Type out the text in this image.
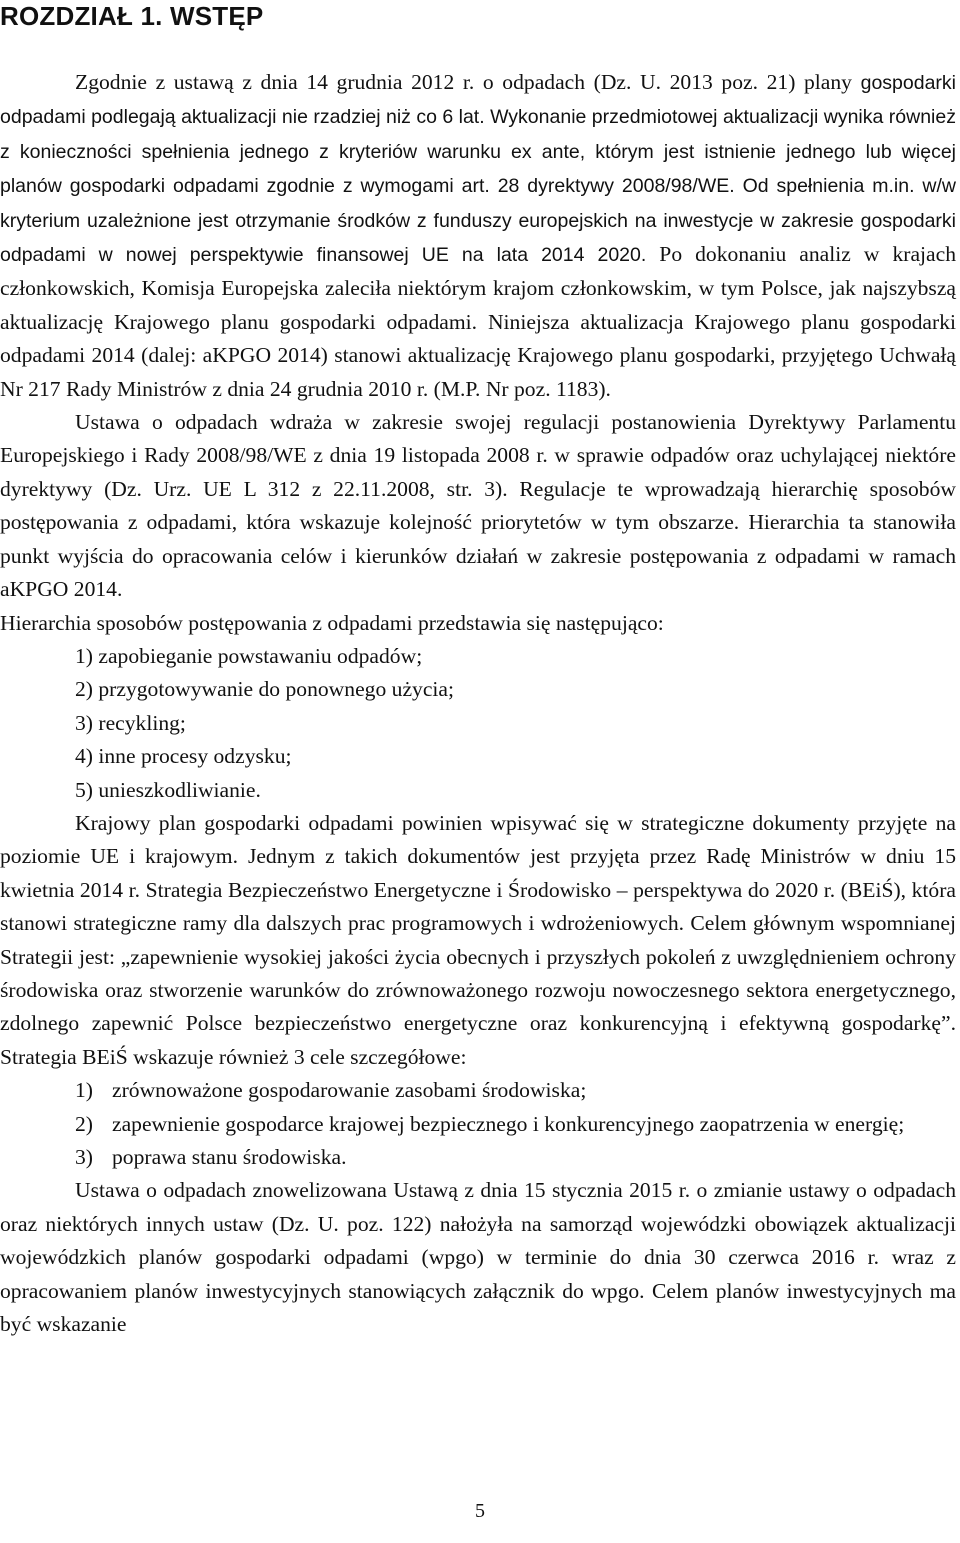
ROZDZIAŁ 1. WSTĘP

Zgodnie z ustawą z dnia 14 grudnia 2012 r. o odpadach (Dz. U. 2013 poz. 21) plany gospodarki odpadami podlegają aktualizacji nie rzadziej niż co 6 lat. Wykonanie przedmiotowej aktualizacji wynika również z konieczności spełnienia jednego z kryteriów warunku ex ante, którym jest istnienie jednego lub więcej planów gospodarki odpadami zgodnie z wymogami art. 28 dyrektywy 2008/98/WE. Od spełnienia m.in. w/w kryterium uzależnione jest otrzymanie środków z funduszy europejskich na inwestycje w zakresie gospodarki odpadami w nowej perspektywie finansowej UE na lata 2014 2020. Po dokonaniu analiz w krajach członkowskich, Komisja Europejska zaleciła niektórym krajom członkowskim, w tym Polsce, jak najszybszą aktualizację Krajowego planu gospodarki odpadami. Niniejsza aktualizacja Krajowego planu gospodarki odpadami 2014 (dalej: aKPGO 2014) stanowi aktualizację Krajowego planu gospodarki, przyjętego Uchwałą Nr 217 Rady Ministrów z dnia 24 grudnia 2010 r. (M.P. Nr poz. 1183).

Ustawa o odpadach wdraża w zakresie swojej regulacji postanowienia Dyrektywy Parlamentu Europejskiego i Rady 2008/98/WE z dnia 19 listopada 2008 r. w sprawie odpadów oraz uchylającej niektóre dyrektywy (Dz. Urz. UE L 312 z 22.11.2008, str. 3). Regulacje te wprowadzają hierarchię sposobów postępowania z odpadami, która wskazuje kolejność priorytetów w tym obszarze. Hierarchia ta stanowiła punkt wyjścia do opracowania celów i kierunków działań w zakresie postępowania z odpadami w ramach aKPGO 2014.

Hierarchia sposobów postępowania z odpadami przedstawia się następująco:

1) zapobieganie powstawaniu odpadów;
2) przygotowywanie do ponownego użycia;
3) recykling;
4) inne procesy odzysku;
5) unieszkodliwianie.

Krajowy plan gospodarki odpadami powinien wpisywać się w strategiczne dokumenty przyjęte na poziomie UE i krajowym. Jednym z takich dokumentów jest przyjęta przez Radę Ministrów w dniu 15 kwietnia 2014 r. Strategia Bezpieczeństwo Energetyczne i Środowisko – perspektywa do 2020 r. (BEiŚ), która stanowi strategiczne ramy dla dalszych prac programowych i wdrożeniowych. Celem głównym wspomnianej Strategii jest: „zapewnienie wysokiej jakości życia obecnych i przyszłych pokoleń z uwzględnieniem ochrony środowiska oraz stworzenie warunków do zrównoważonego rozwoju nowoczesnego sektora energetycznego, zdolnego zapewnić Polsce bezpieczeństwo energetyczne oraz konkurencyjną i efektywną gospodarkę”. Strategia BEiŚ wskazuje również 3 cele szczegółowe:

1) zrównoważone gospodarowanie zasobami środowiska;
2) zapewnienie gospodarce krajowej bezpiecznego i konkurencyjnego zaopatrzenia w energię;
3) poprawa stanu środowiska.

Ustawa o odpadach znowelizowana Ustawą z dnia 15 stycznia 2015 r. o zmianie ustawy o odpadach oraz niektórych innych ustaw (Dz. U. poz. 122) nałożyła na samorząd wojewódzki obowiązek aktualizacji wojewódzkich planów gospodarki odpadami (wpgo) w terminie do dnia 30 czerwca 2016 r. wraz z opracowaniem planów inwestycyjnych stanowiących załącznik do wpgo. Celem planów inwestycyjnych ma być wskazanie

5
